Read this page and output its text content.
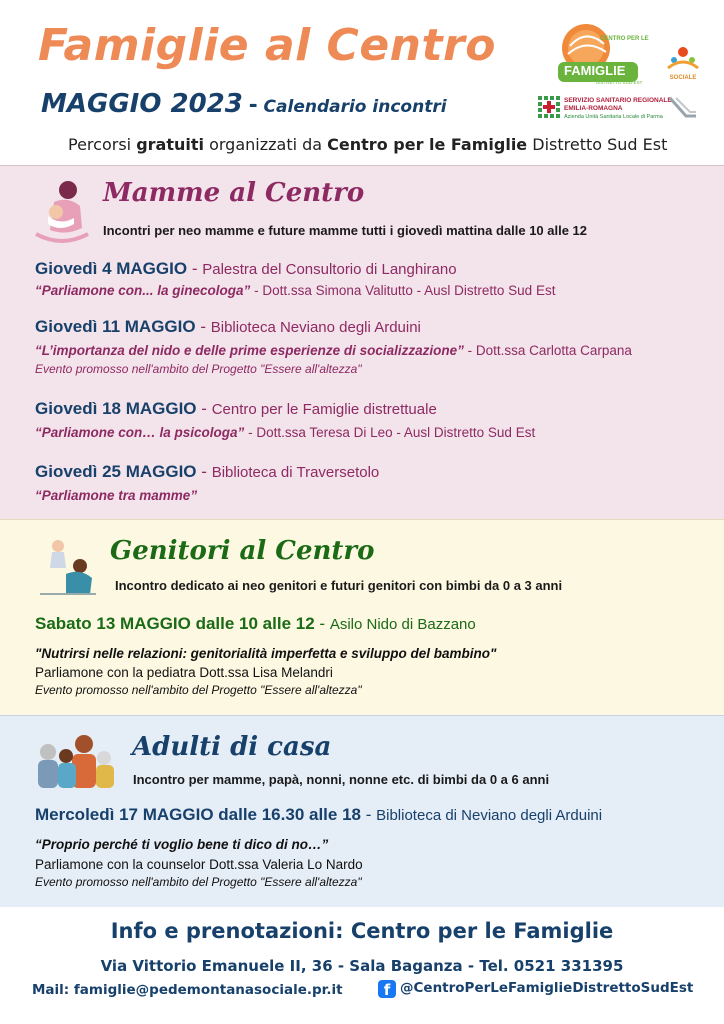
Famiglie al Centro
MAGGIO 2023 - Calendario incontri
Percorsi gratuiti organizzati da Centro per le Famiglie Distretto Sud Est
CENTRO PER LE
FAMIGLIE
DISTRETTO SUD-EST
SERVIZIO SANITARIO REGIONALE
EMILIA-ROMAGNA
Azienda Unità Sanitaria Locale di Parma
SOCIALE
Mamme al Centro
Incontri per neo mamme e future mamme tutti i giovedì mattina dalle 10 alle 12
Giovedì 4 MAGGIO - Palestra del Consultorio di Langhirano
“Parliamone con... la ginecologa” - Dott.ssa Simona Valitutto - Ausl Distretto Sud Est
Giovedì 11 MAGGIO - Biblioteca Neviano degli Arduini
“L’importanza del nido e delle prime esperienze di socializzazione” - Dott.ssa Carlotta Carpana
Evento promosso nell'ambito del Progetto "Essere all'altezza"
Giovedì 18 MAGGIO - Centro per le Famiglie distrettuale
“Parliamone con… la psicologa” - Dott.ssa Teresa Di Leo - Ausl Distretto Sud Est
Giovedì 25 MAGGIO - Biblioteca di Traversetolo
“Parliamone tra mamme”
Genitori al Centro
Incontro dedicato ai neo genitori e futuri genitori con bimbi da 0 a 3 anni
Sabato 13 MAGGIO dalle 10 alle 12 - Asilo Nido di Bazzano
"Nutrirsi nelle relazioni: genitorialità imperfetta e sviluppo del bambino"
Parliamone con la pediatra Dott.ssa Lisa Melandri
Evento promosso nell'ambito del Progetto "Essere all'altezza"
Adulti di casa
Incontro per mamme, papà, nonni, nonne etc. di bimbi da 0 a 6 anni
Mercoledì 17 MAGGIO dalle 16.30 alle 18 - Biblioteca di Neviano degli Arduini
“Proprio perché ti voglio bene ti dico di no…”
Parliamone con la counselor Dott.ssa Valeria Lo Nardo
Evento promosso nell'ambito del Progetto "Essere all'altezza"
Info e prenotazioni: Centro per le Famiglie
Via Vittorio Emanuele II, 36 - Sala Baganza - Tel. 0521 331395
Mail: famiglie@pedemontanasociale.pr.it	f @CentroPerLeFamiglieDistrettoSudEst
